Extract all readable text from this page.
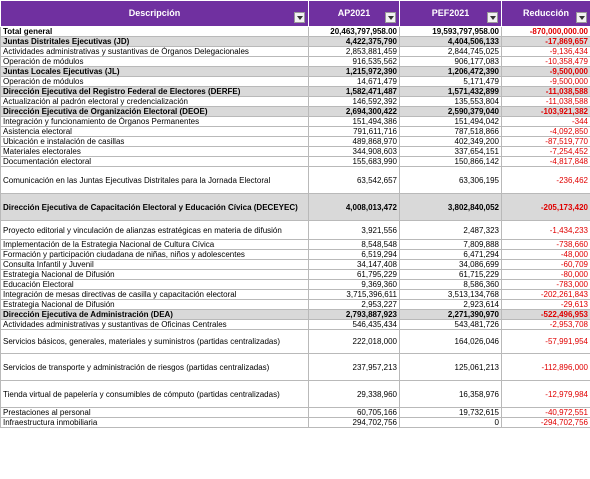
Descripción	AP2021	PEF2021	Reducción

Total general	20,463,797,958.00	19,593,797,958.00	-870,000,000.00
Juntas Distritales Ejecutivas (JD)	4,422,375,790	4,404,506,133	-17,869,657
Actividades administrativas y sustantivas de Órganos Delegacionales	2,853,881,459	2,844,745,025	-9,136,434
Operación de módulos	916,535,562	906,177,083	-10,358,479
Juntas Locales Ejecutivas (JL)	1,215,972,390	1,206,472,390	-9,500,000
Operación de módulos	14,671,479	5,171,479	-9,500,000
Dirección Ejecutiva del Registro Federal de Electores (DERFE)	1,582,471,487	1,571,432,899	-11,038,588
Actualización al padrón electoral y credencialización	146,592,392	135,553,804	-11,038,588
Dirección Ejecutiva de Organización Electoral (DEOE)	2,694,300,422	2,590,379,040	-103,921,382
Integración y funcionamiento de Órganos Permanentes	151,494,386	151,494,042	-344
Asistencia electoral	791,611,716	787,518,866	-4,092,850
Ubicación e instalación de casillas	489,868,970	402,349,200	-87,519,770
Materiales electorales	344,908,603	337,654,151	-7,254,452
Documentación electoral	155,683,990	150,866,142	-4,817,848
Comunicación en las Juntas Ejecutivas Distritales para la Jornada Electoral	63,542,657	63,306,195	-236,462
Dirección Ejecutiva de Capacitación Electoral y Educación Cívica (DECEYEC)	4,008,013,472	3,802,840,052	-205,173,420
Proyecto editorial y vinculación de alianzas estratégicas en materia de difusión	3,921,556	2,487,323	-1,434,233
Implementación de la Estrategia Nacional de Cultura Cívica	8,548,548	7,809,888	-738,660
Formación y participación ciudadana de niñas, niños y adolescentes	6,519,294	6,471,294	-48,000
Consulta Infantil y Juvenil	34,147,408	34,086,699	-60,709
Estrategia Nacional de Difusión	61,795,229	61,715,229	-80,000
Educación Electoral	9,369,360	8,586,360	-783,000
Integración de mesas directivas de casilla y capacitación electoral	3,715,396,611	3,513,134,768	-202,261,843
Estrategia Nacional de Difusión	2,953,227	2,923,614	-29,613
Dirección Ejecutiva de Administración (DEA)	2,793,887,923	2,271,390,970	-522,496,953
Actividades administrativas y sustantivas de Oficinas Centrales	546,435,434	543,481,726	-2,953,708
Servicios básicos, generales, materiales y suministros (partidas centralizadas)	222,018,000	164,026,046	-57,991,954
Servicios de transporte y administración de riesgos (partidas centralizadas)	237,957,213	125,061,213	-112,896,000
Tienda virtual de papelería y consumibles de cómputo (partidas centralizadas)	29,338,960	16,358,976	-12,979,984
Prestaciones al personal	60,705,166	19,732,615	-40,972,551
Infraestructura inmobiliaria	294,702,756	0	-294,702,756
